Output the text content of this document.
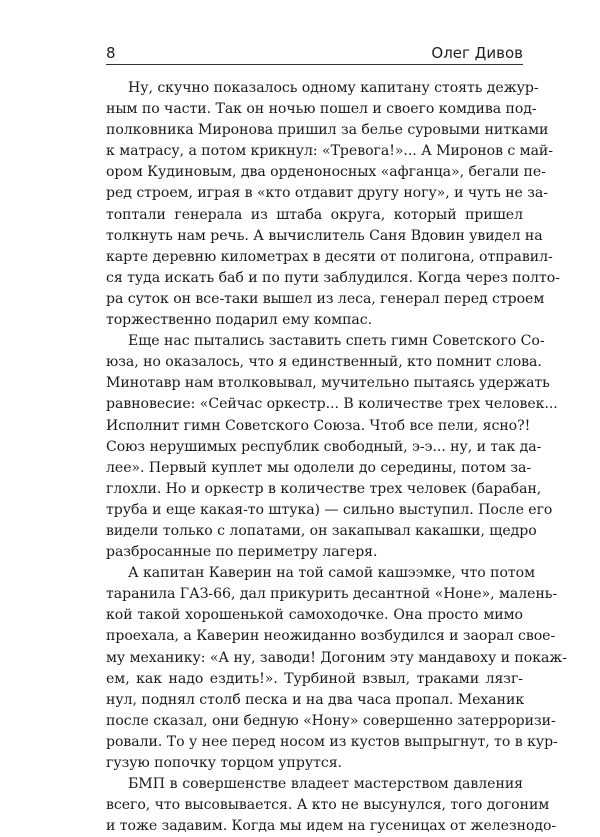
8	Олег Дивов
Ну, скучно показалось одному капитану стоять дежур-
ным по части. Так он ночью пошел и своего комдива под-
полковника Миронова пришил за белье суровыми нитками
к матрасу, а потом крикнул: «Тревога!»... А Миронов с май-
ором Кудиновым, два орденоносных «афганца», бегали пе-
ред строем, играя в «кто отдавит другу ногу», и чуть не за-
топтали генерала из штаба округа, который пришел
толкнуть нам речь. А вычислитель Саня Вдовин увидел на
карте деревню километрах в десяти от полигона, отправил-
ся туда искать баб и по пути заблудился. Когда через полто-
ра суток он все-таки вышел из леса, генерал перед строем
торжественно подарил ему компас.
Еще нас пытались заставить спеть гимн Советского Со-
юза, но оказалось, что я единственный, кто помнит слова.
Минотавр нам втолковывал, мучительно пытаясь удержать
равновесие: «Сейчас оркестр... В количестве трех человек...
Исполнит гимн Советского Союза. Чтоб все пели, ясно?!
Союз нерушимых республик свободный, э-э... ну, и так да-
лее». Первый куплет мы одолели до середины, потом за-
глохли. Но и оркестр в количестве трех человек (барабан,
труба и еще какая-то штука) — сильно выступил. После его
видели только с лопатами, он закапывал какашки, щедро
разбросанные по периметру лагеря.
А капитан Каверин на той самой кашээмке, что потом
таранила ГАЗ-66, дал прикурить десантной «Ноне», малень-
кой такой хорошенькой самоходочке. Она просто мимо
проехала, а Каверин неожиданно возбудился и заорал свое-
му механику: «А ну, заводи! Догоним эту мандавоху и покаж-
ем, как надо ездить!». Турбиной взвыл, траками лязг-
нул, поднял столб песка и на два часа пропал. Механик
после сказал, они бедную «Нону» совершенно затерроризи-
ровали. То у нее перед носом из кустов выпрыгнут, то в кур-
гузую попочку торцом упрутся.
БМП в совершенстве владеет мастерством давления
всего, что высовывается. А кто не высунулся, того догоним
и тоже задавим. Когда мы идем на гусеницах от железнодо-
